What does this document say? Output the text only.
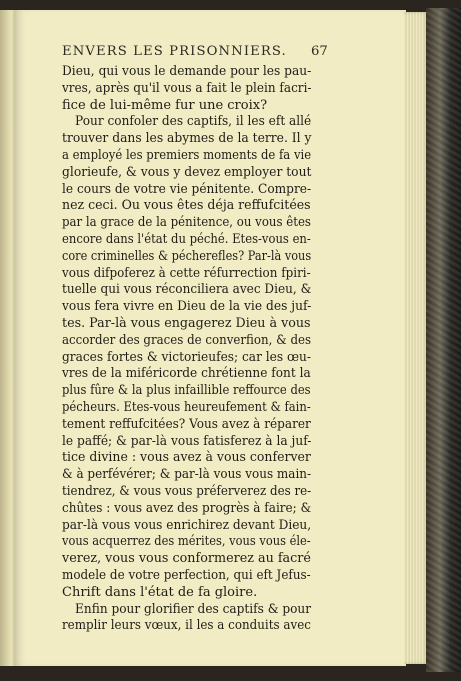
ENVERS LES PRISONNIERS.	67
Dieu, qui vous le demande pour les pau-
vres, après qu'il vous a fait le plein facri-
fice de lui-même fur une croix?
Pour confoler des captifs, il les eft allé
trouver dans les abymes de la terre. Il y
a employé les premiers moments de fa vie
glorieufe, & vous y devez employer tout
le cours de votre vie pénitente. Compre-
nez ceci. Ou vous êtes déja reffufcitées
par la grace de la pénitence, ou vous êtes
encore dans l'état du péché. Etes-vous en-
core criminelles & pécherefles? Par-là vous
vous difpoferez à cette réfurrection fpiri-
tuelle qui vous réconciliera avec Dieu, &
vous fera vivre en Dieu de la vie des juf-
tes. Par-là vous engagerez Dieu à vous
accorder des graces de converfion, & des
graces fortes & victorieufes; car les œu-
vres de la miféricorde chrétienne font la
plus fûre & la plus infaillible reffource des
pécheurs. Etes-vous heureufement & fain-
tement reffufcitées? Vous avez à réparer
le paffé; & par-là vous fatisferez à la juf-
tice divine : vous avez à vous conferver
& à perfévérer; & par-là vous vous main-
tiendrez, & vous vous préferverez des re-
chûtes : vous avez des progrès à faire; &
par-là vous vous enrichirez devant Dieu,
vous acquerrez des mérites, vous vous éle-
verez, vous vous conformerez au facré
modele de votre perfection, qui eft Jefus-
Chrift dans l'état de fa gloire.
Enfin pour glorifier des captifs & pour
remplir leurs vœux, il les a conduits avec
